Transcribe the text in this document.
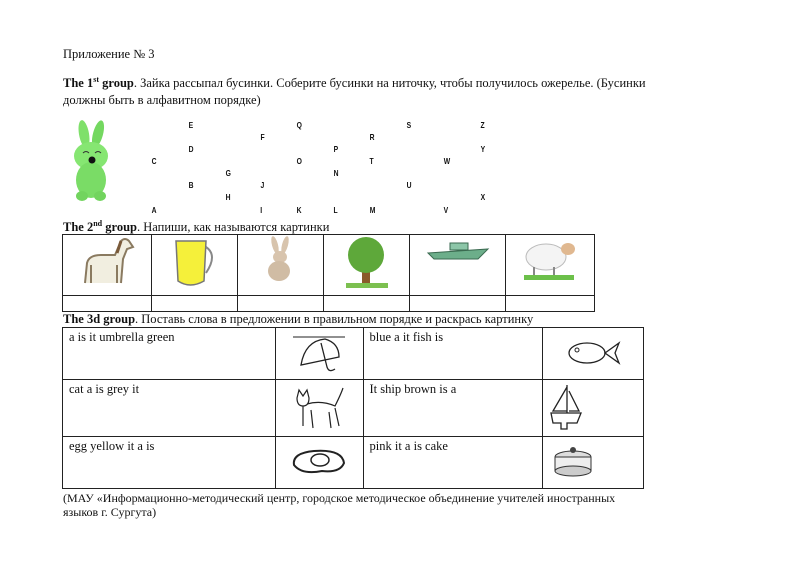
Приложение № 3
The 1st group. Зайка рассыпал бусинки. Соберите бусинки на ниточку, чтобы получилось ожерелье. (Бусинки
должны быть в алфавитном порядке)
E	Q	S	Z
F	R
D	P	Y
C	O	T	W
G	N
B	J	U
H	X
A	I	K	L	M	V
The 2nd group. Напиши, как называются картинки

The 3d group. Поставь слова в предложении в правильном порядке и раскрась картинку
a is it umbrella green		blue a it fish is	

cat a is grey it		It ship brown is a	

egg yellow it a is		pink it a is cake	
(МАУ «Информационно-методический центр, городское методическое объединение учителей иностранных
языков г. Сургута)
